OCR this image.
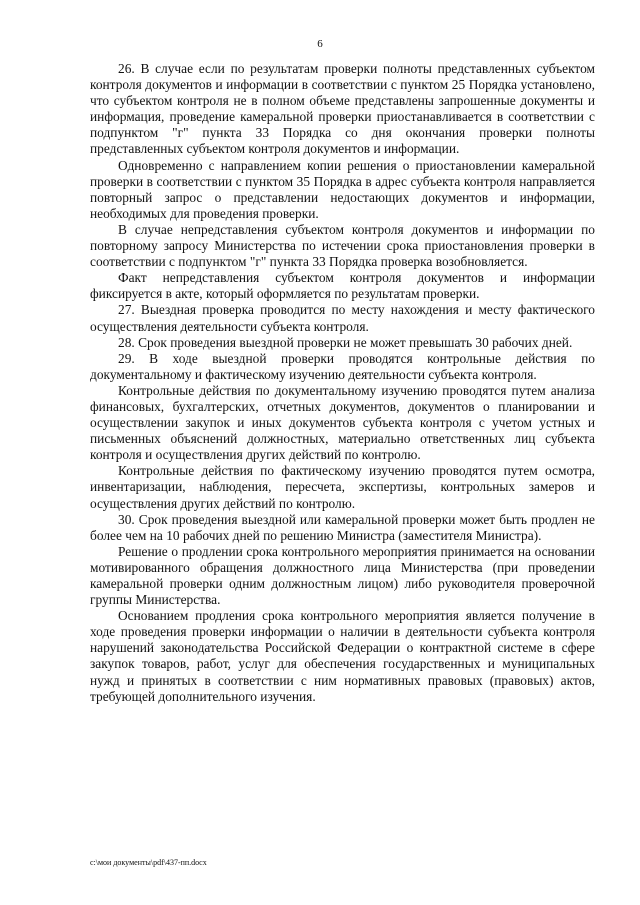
6

26. В случае если по результатам проверки полноты представленных субъектом контроля документов и информации в соответствии с пунктом 25 Порядка установлено, что субъектом контроля не в полном объеме представлены запрошенные документы и информация, проведение камеральной проверки приостанавливается в соответствии с подпунктом "г" пункта 33 Порядка со дня окончания проверки полноты представленных субъектом контроля документов и информации.

Одновременно с направлением копии решения о приостановлении камеральной проверки в соответствии с пунктом 35 Порядка в адрес субъекта контроля направляется повторный запрос о представлении недостающих документов и информации, необходимых для проведения проверки.

В случае непредставления субъектом контроля документов и информации по повторному запросу Министерства по истечении срока приостановления проверки в соответствии с подпунктом "г" пункта 33 Порядка проверка возобновляется.

Факт непредставления субъектом контроля документов и информации фиксируется в акте, который оформляется по результатам проверки.

27. Выездная проверка проводится по месту нахождения и месту фактического осуществления деятельности субъекта контроля.

28. Срок проведения выездной проверки не может превышать 30 рабочих дней.

29. В ходе выездной проверки проводятся контрольные действия по документальному и фактическому изучению деятельности субъекта контроля.

Контрольные действия по документальному изучению проводятся путем анализа финансовых, бухгалтерских, отчетных документов, документов о планировании и осуществлении закупок и иных документов субъекта контроля с учетом устных и письменных объяснений должностных, материально ответственных лиц субъекта контроля и осуществления других действий по контролю.

Контрольные действия по фактическому изучению проводятся путем осмотра, инвентаризации, наблюдения, пересчета, экспертизы, контрольных замеров и осуществления других действий по контролю.

30. Срок проведения выездной или камеральной проверки может быть продлен не более чем на 10 рабочих дней по решению Министра (заместителя Министра).

Решение о продлении срока контрольного мероприятия принимается на основании мотивированного обращения должностного лица Министерства (при проведении камеральной проверки одним должностным лицом) либо руководителя проверочной группы Министерства.

Основанием продления срока контрольного мероприятия является получение в ходе проведения проверки информации о наличии в деятельности субъекта контроля нарушений законодательства Российской Федерации о контрактной системе в сфере закупок товаров, работ, услуг для обеспечения государственных и муниципальных нужд и принятых в соответствии с ним нормативных правовых (правовых) актов, требующей дополнительного изучения.

c:\мои документы\pdf\437-пп.docx
